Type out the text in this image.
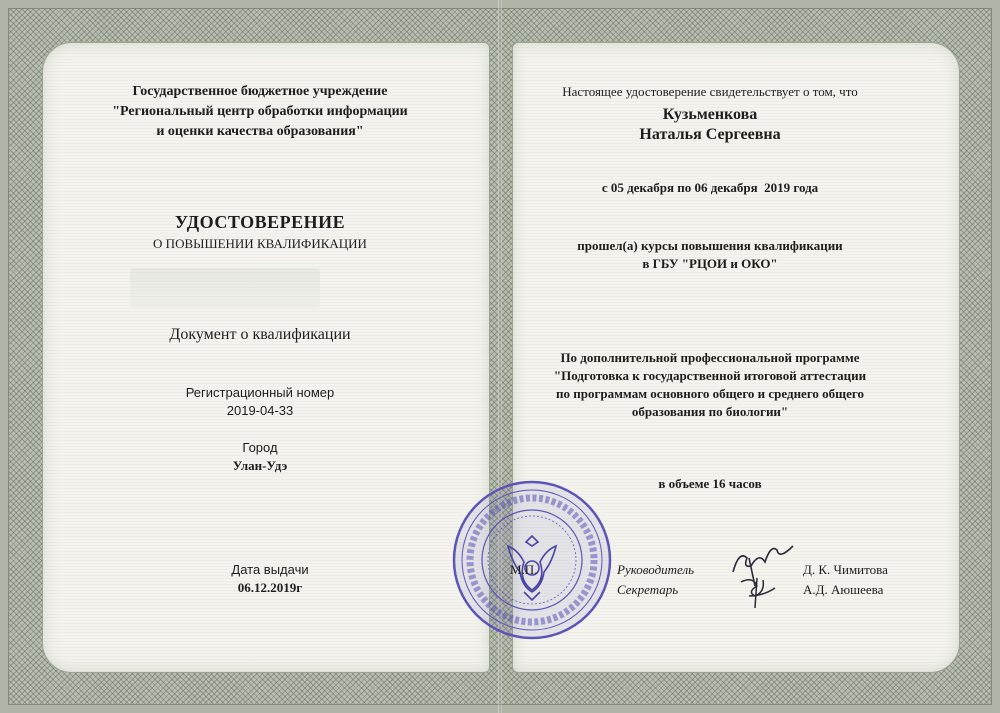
Государственное бюджетное учреждение
"Региональный центр обработки информации
и оценки качества образования"
УДОСТОВЕРЕНИЕ
О ПОВЫШЕНИИ КВАЛИФИКАЦИИ
Документ о квалификации
Регистрационный номер
2019-04-33
Город
Улан-Удэ
Дата выдачи
06.12.2019г
Настоящее удостоверение свидетельствует о том, что
Кузьменкова
Наталья Сергеевна
с 05 декабря по 06 декабря  2019 года
прошел(а) курсы повышения квалификации
в ГБУ "РЦОИ и ОКО"
По дополнительной профессиональной программе
"Подготовка к государственной итоговой аттестации
по программам основного общего и среднего общего
образования по биологии"
в объеме 16 часов
М.П.	Руководитель
Секретарь
Д. К. Чимитова
А.Д. Аюшеева
